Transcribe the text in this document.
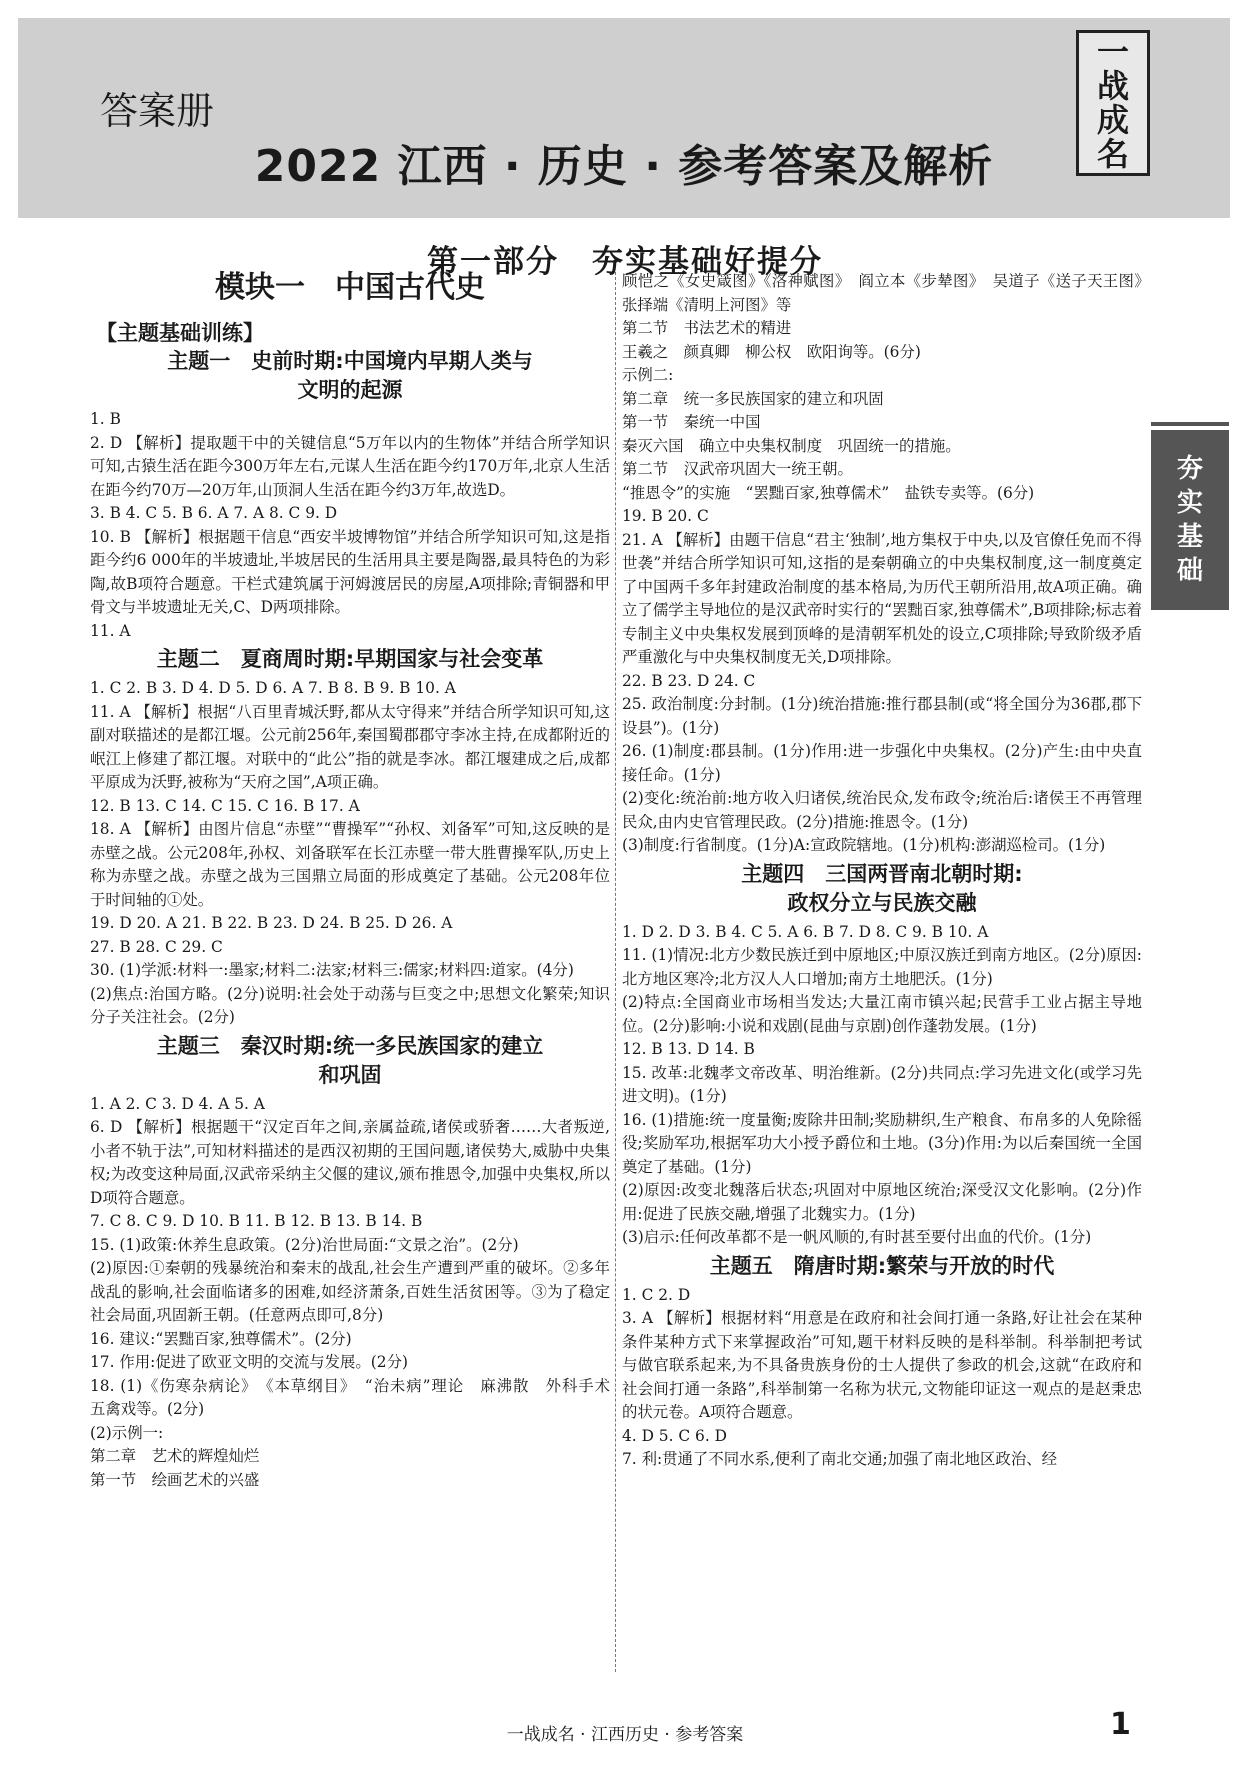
答案册
2022 江西 · 历史 · 参考答案及解析
一
战
成
名
第一部分　夯实基础好提分
模块一　中国古代史
【主题基础训练】
主题一　史前时期:中国境内早期人类与
文明的起源

1. B

2. D 【解析】提取题干中的关键信息“5万年以内的生物体”并结合所学知识可知,古猿生活在距今300万年左右,元谋人生活在距今约170万年,北京人生活在距今约70万—20万年,山顶洞人生活在距今约3万年,故选D。

3. B 4. C 5. B 6. A 7. A 8. C 9. D

10. B 【解析】根据题干信息“西安半坡博物馆”并结合所学知识可知,这是指距今约6 000年的半坡遗址,半坡居民的生活用具主要是陶器,最具特色的为彩陶,故B项符合题意。干栏式建筑属于河姆渡居民的房屋,A项排除;青铜器和甲骨文与半坡遗址无关,C、D两项排除。

11. A

主题二　夏商周时期:早期国家与社会变革

1. C 2. B 3. D 4. D 5. D 6. A 7. B 8. B 9. B 10. A

11. A 【解析】根据“八百里青城沃野,都从太守得来”并结合所学知识可知,这副对联描述的是都江堰。公元前256年,秦国蜀郡郡守李冰主持,在成都附近的岷江上修建了都江堰。对联中的“此公”指的就是李冰。都江堰建成之后,成都平原成为沃野,被称为“天府之国”,A项正确。

12. B 13. C 14. C 15. C 16. B 17. A

18. A 【解析】由图片信息“赤壁”“曹操军”“孙权、刘备军”可知,这反映的是赤壁之战。公元208年,孙权、刘备联军在长江赤壁一带大胜曹操军队,历史上称为赤壁之战。赤壁之战为三国鼎立局面的形成奠定了基础。公元208年位于时间轴的①处。

19. D 20. A 21. B 22. B 23. D 24. B 25. D 26. A

27. B 28. C 29. C

30. (1)学派:材料一:墨家;材料二:法家;材料三:儒家;材料四:道家。(4分)

(2)焦点:治国方略。(2分)说明:社会处于动荡与巨变之中;思想文化繁荣;知识分子关注社会。(2分)

主题三　秦汉时期:统一多民族国家的建立
和巩固

1. A 2. C 3. D 4. A 5. A

6. D 【解析】根据题干“汉定百年之间,亲属益疏,诸侯或骄奢……大者叛逆,小者不轨于法”,可知材料描述的是西汉初期的王国问题,诸侯势大,威胁中央集权;为改变这种局面,汉武帝采纳主父偃的建议,颁布推恩令,加强中央集权,所以D项符合题意。

7. C 8. C 9. D 10. B 11. B 12. B 13. B 14. B

15. (1)政策:休养生息政策。(2分)治世局面:“文景之治”。(2分)

(2)原因:①秦朝的残暴统治和秦末的战乱,社会生产遭到严重的破坏。②多年战乱的影响,社会面临诸多的困难,如经济萧条,百姓生活贫困等。③为了稳定社会局面,巩固新王朝。(任意两点即可,8分)

16. 建议:“罢黜百家,独尊儒术”。(2分)

17. 作用:促进了欧亚文明的交流与发展。(2分)

18. (1)《伤寒杂病论》　《本草纲目》　“治未病”理论　麻沸散　外科手术　五禽戏等。(2分)

(2)示例一:

第二章　艺术的辉煌灿烂

第一节　绘画艺术的兴盛

顾恺之《女史箴图》《洛神赋图》　阎立本《步辇图》　吴道子《送子天王图》　张择端《清明上河图》等

第二节　书法艺术的精进

王羲之　颜真卿　柳公权　欧阳询等。(6分)

示例二:

第二章　统一多民族国家的建立和巩固

第一节　秦统一中国

秦灭六国　确立中央集权制度　巩固统一的措施。

第二节　汉武帝巩固大一统王朝。

“推恩令”的实施　“罢黜百家,独尊儒术”　盐铁专卖等。(6分)

19. B 20. C

21. A 【解析】由题干信息“君主‘独制’,地方集权于中央,以及官僚任免而不得世袭”并结合所学知识可知,这指的是秦朝确立的中央集权制度,这一制度奠定了中国两千多年封建政治制度的基本格局,为历代王朝所沿用,故A项正确。确立了儒学主导地位的是汉武帝时实行的“罢黜百家,独尊儒术”,B项排除;标志着专制主义中央集权发展到顶峰的是清朝军机处的设立,C项排除;导致阶级矛盾严重激化与中央集权制度无关,D项排除。

22. B 23. D 24. C

25. 政治制度:分封制。(1分)统治措施:推行郡县制(或“将全国分为36郡,郡下设县”)。(1分)

26. (1)制度:郡县制。(1分)作用:进一步强化中央集权。(2分)产生:由中央直接任命。(1分)

(2)变化:统治前:地方收入归诸侯,统治民众,发布政令;统治后:诸侯王不再管理民众,由内史官管理民政。(2分)措施:推恩令。(1分)

(3)制度:行省制度。(1分)A:宣政院辖地。(1分)机构:澎湖巡检司。(1分)

主题四　三国两晋南北朝时期:
政权分立与民族交融

1. D 2. D 3. B 4. C 5. A 6. B 7. D 8. C 9. B 10. A

11. (1)情况:北方少数民族迁到中原地区;中原汉族迁到南方地区。(2分)原因:北方地区寒冷;北方汉人人口增加;南方土地肥沃。(1分)

(2)特点:全国商业市场相当发达;大量江南市镇兴起;民营手工业占据主导地位。(2分)影响:小说和戏剧(昆曲与京剧)创作蓬勃发展。(1分)

12. B 13. D 14. B

15. 改革:北魏孝文帝改革、明治维新。(2分)共同点:学习先进文化(或学习先进文明)。(1分)

16. (1)措施:统一度量衡;废除井田制;奖励耕织,生产粮食、布帛多的人免除徭役;奖励军功,根据军功大小授予爵位和土地。(3分)作用:为以后秦国统一全国奠定了基础。(1分)

(2)原因:改变北魏落后状态;巩固对中原地区统治;深受汉文化影响。(2分)作用:促进了民族交融,增强了北魏实力。(1分)

(3)启示:任何改革都不是一帆风顺的,有时甚至要付出血的代价。(1分)

主题五　隋唐时期:繁荣与开放的时代

1. C 2. D

3. A 【解析】根据材料“用意是在政府和社会间打通一条路,好让社会在某种条件某种方式下来掌握政治”可知,题干材料反映的是科举制。科举制把考试与做官联系起来,为不具备贵族身份的士人提供了参政的机会,这就“在政府和社会间打通一条路”,科举制第一名称为状元,文物能印证这一观点的是赵秉忠的状元卷。A项符合题意。

4. D 5. C 6. D

7. 利:贯通了不同水系,便利了南北交通;加强了南北地区政治、经

夯
实
基
础
一战成名 · 江西历史 · 参考答案	1
